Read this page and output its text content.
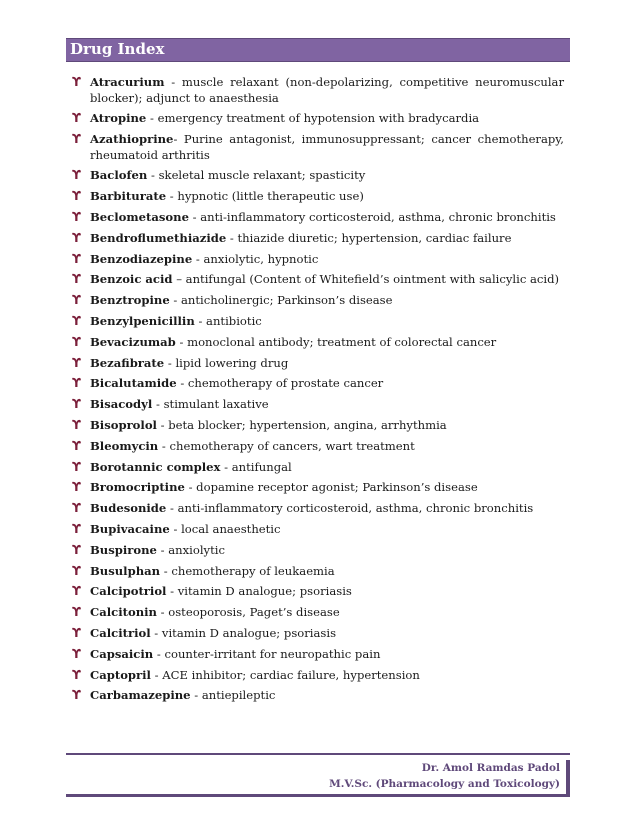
Drug Index
ϒ Atracurium - muscle relaxant (non-depolarizing, competitive neuromuscular blocker); adjunct to anaesthesia
ϒ Atropine - emergency treatment of hypotension with bradycardia
ϒ Azathioprine- Purine antagonist, immunosuppressant; cancer chemotherapy, rheumatoid arthritis
ϒ Baclofen - skeletal muscle relaxant; spasticity
ϒ Barbiturate - hypnotic (little therapeutic use)
ϒ Beclometasone - anti-inflammatory corticosteroid, asthma, chronic bronchitis
ϒ Bendroflumethiazide - thiazide diuretic; hypertension, cardiac failure
ϒ Benzodiazepine - anxiolytic, hypnotic
ϒ Benzoic acid – antifungal (Content of Whitefield’s ointment with salicylic acid)
ϒ Benztropine - anticholinergic; Parkinson’s disease
ϒ Benzylpenicillin - antibiotic
ϒ Bevacizumab - monoclonal antibody; treatment of colorectal cancer
ϒ Bezafibrate - lipid lowering drug
ϒ Bicalutamide - chemotherapy of prostate cancer
ϒ Bisacodyl - stimulant laxative
ϒ Bisoprolol - beta blocker; hypertension, angina, arrhythmia
ϒ Bleomycin - chemotherapy of cancers, wart treatment
ϒ Borotannic complex - antifungal
ϒ Bromocriptine - dopamine receptor agonist; Parkinson’s disease
ϒ Budesonide - anti-inflammatory corticosteroid, asthma, chronic bronchitis
ϒ Bupivacaine - local anaesthetic
ϒ Buspirone - anxiolytic
ϒ Busulphan - chemotherapy of leukaemia
ϒ Calcipotriol - vitamin D analogue; psoriasis
ϒ Calcitonin - osteoporosis, Paget’s disease
ϒ Calcitriol - vitamin D analogue; psoriasis
ϒ Capsaicin - counter-irritant for neuropathic pain
ϒ Captopril - ACE inhibitor; cardiac failure, hypertension
ϒ Carbamazepine - antiepileptic
Dr. Amol Ramdas Padol
M.V.Sc. (Pharmacology and Toxicology)
